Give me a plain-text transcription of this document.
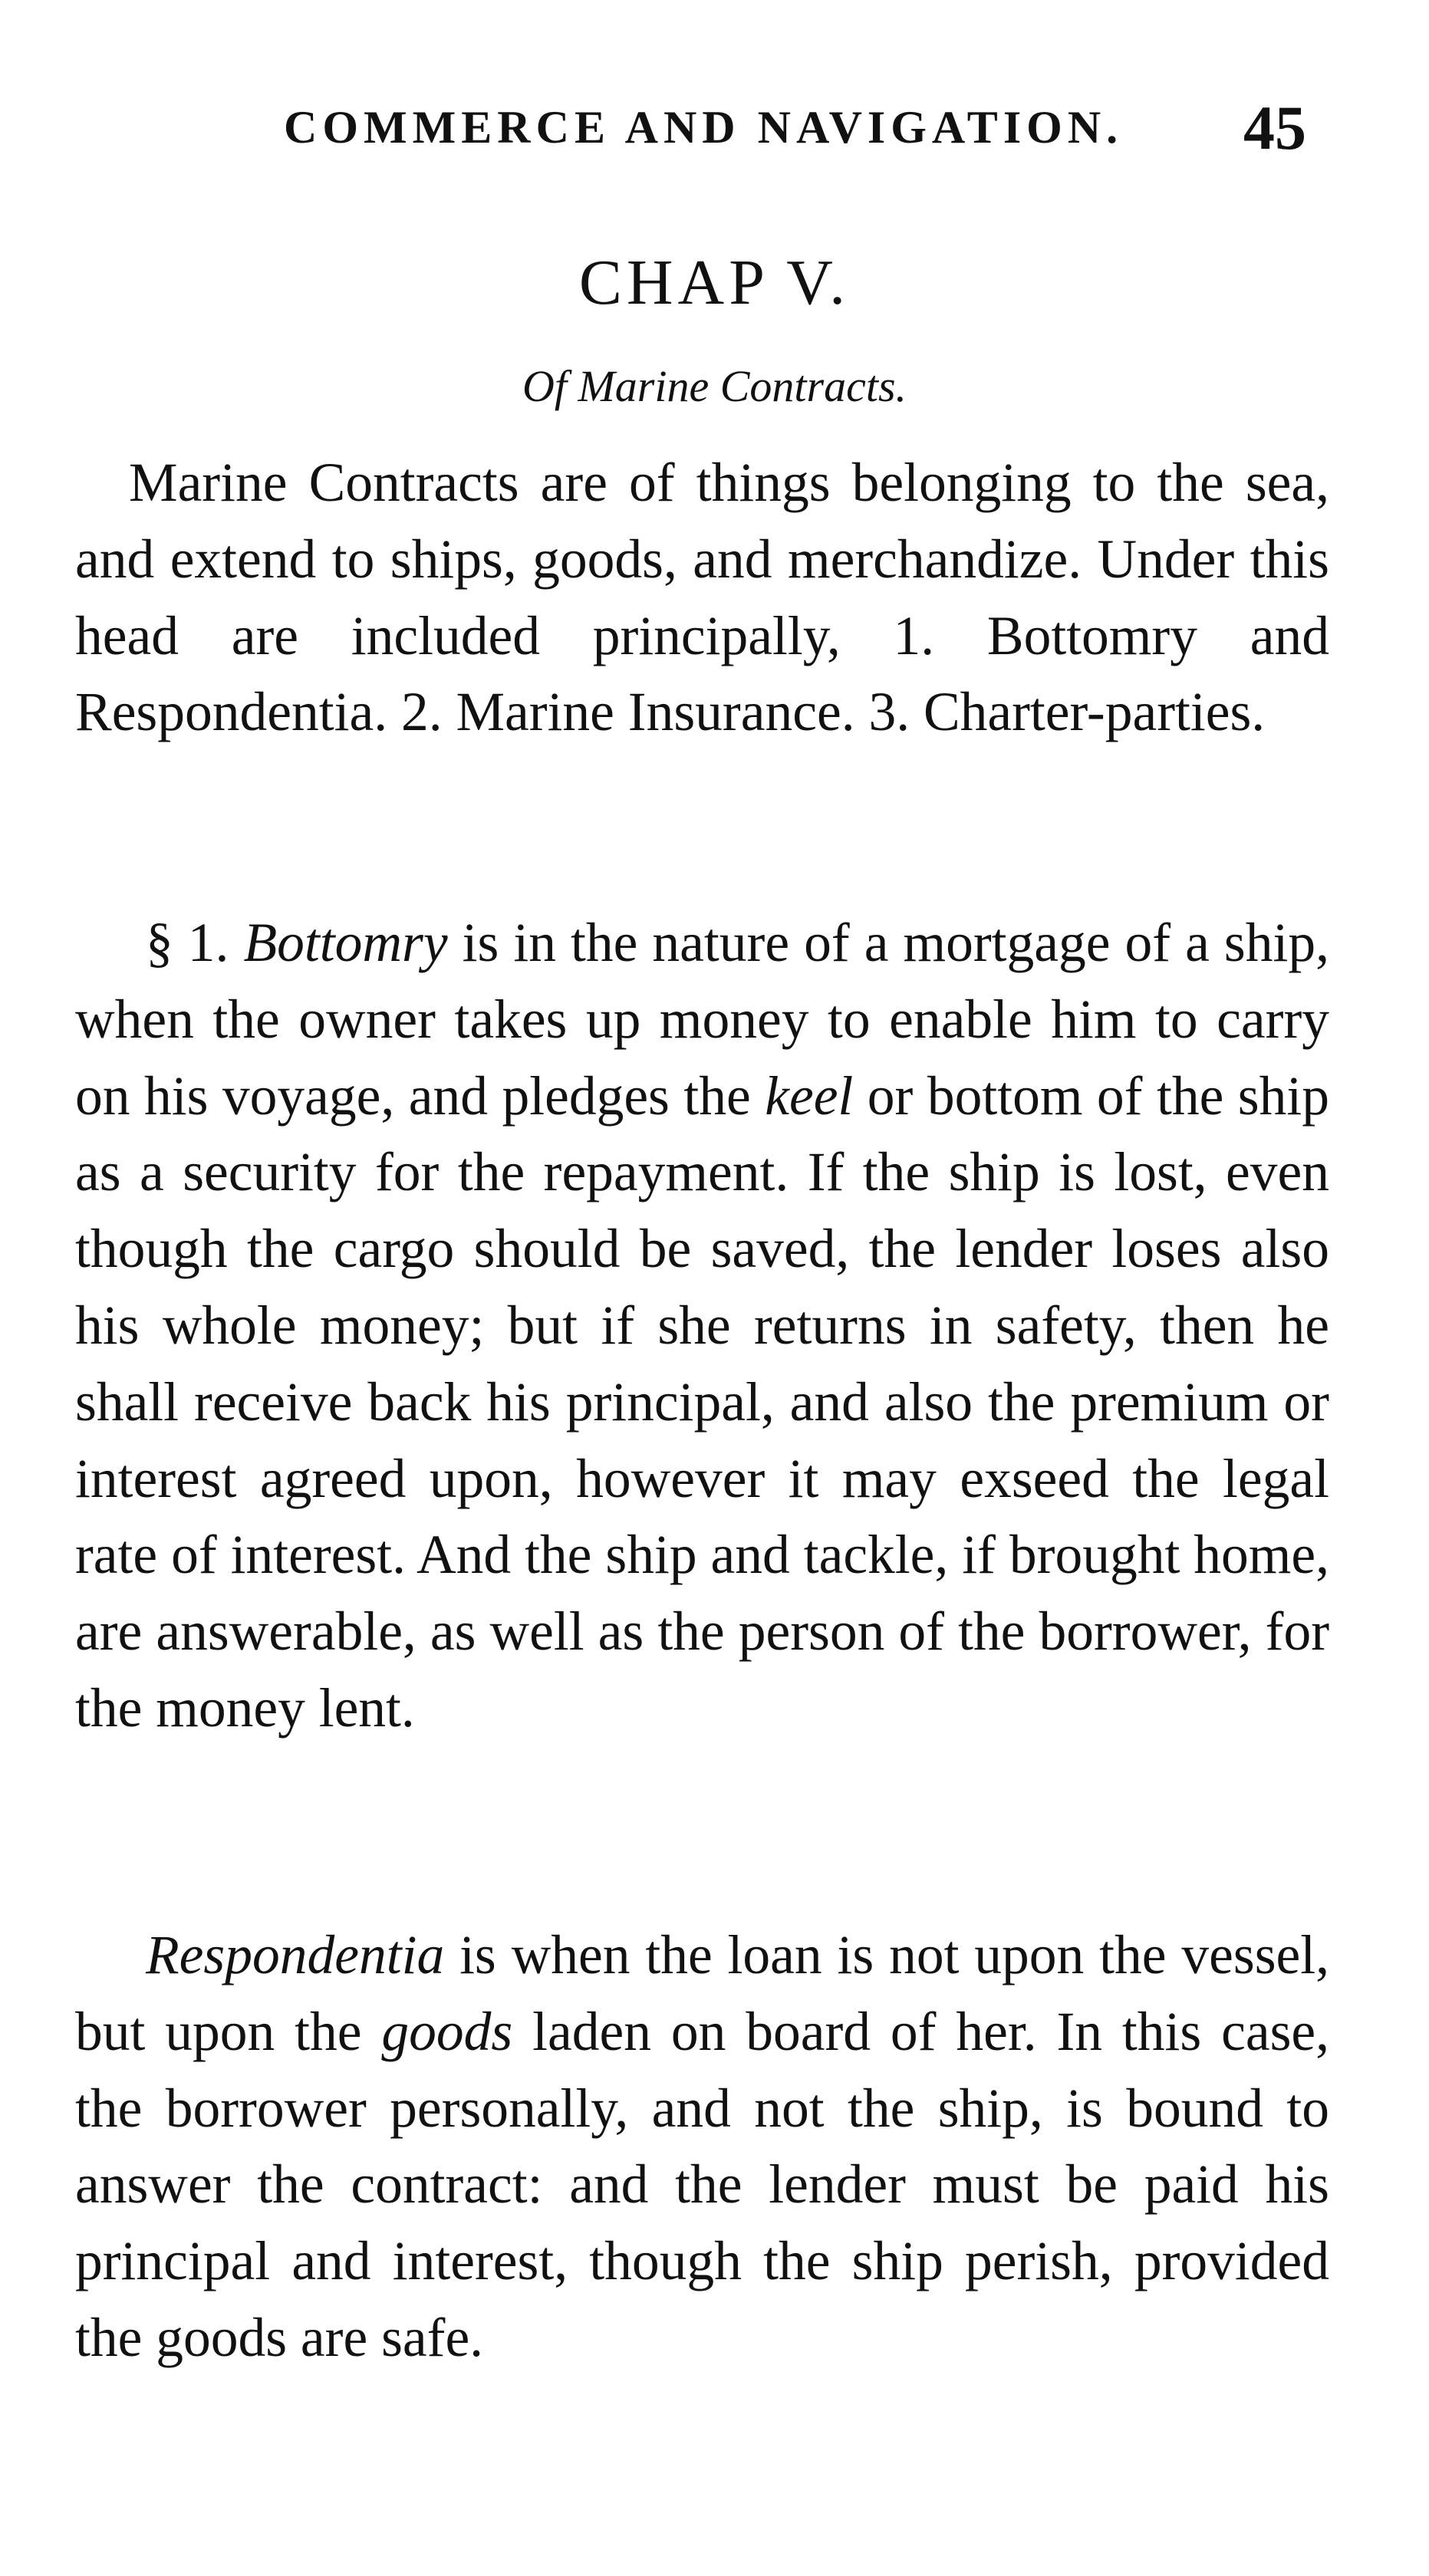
COMMERCE AND NAVIGATION. 45
CHAP V.
Of Marine Contracts.

Marine Contracts are of things belonging to the sea, and extend to ships, goods, and merchandize. Under this head are included principally, 1. Bottomry and Respondentia. 2. Marine Insurance. 3. Charter-parties.

§ 1. Bottomry is in the nature of a mortgage of a ship, when the owner takes up money to enable him to carry on his voyage, and pledges the keel or bottom of the ship as a security for the repayment. If the ship is lost, even though the cargo should be saved, the lender loses also his whole money; but if she returns in safety, then he shall receive back his principal, and also the premium or interest agreed upon, however it may exseed the legal rate of interest. And the ship and tackle, if brought home, are answerable, as well as the person of the borrower, for the money lent.

Respondentia is when the loan is not upon the vessel, but upon the goods laden on board of her. In this case, the borrower personally, and not the ship, is bound to answer the contract: and the lender must be paid his principal and interest, though the ship perish, provided the goods are safe.
